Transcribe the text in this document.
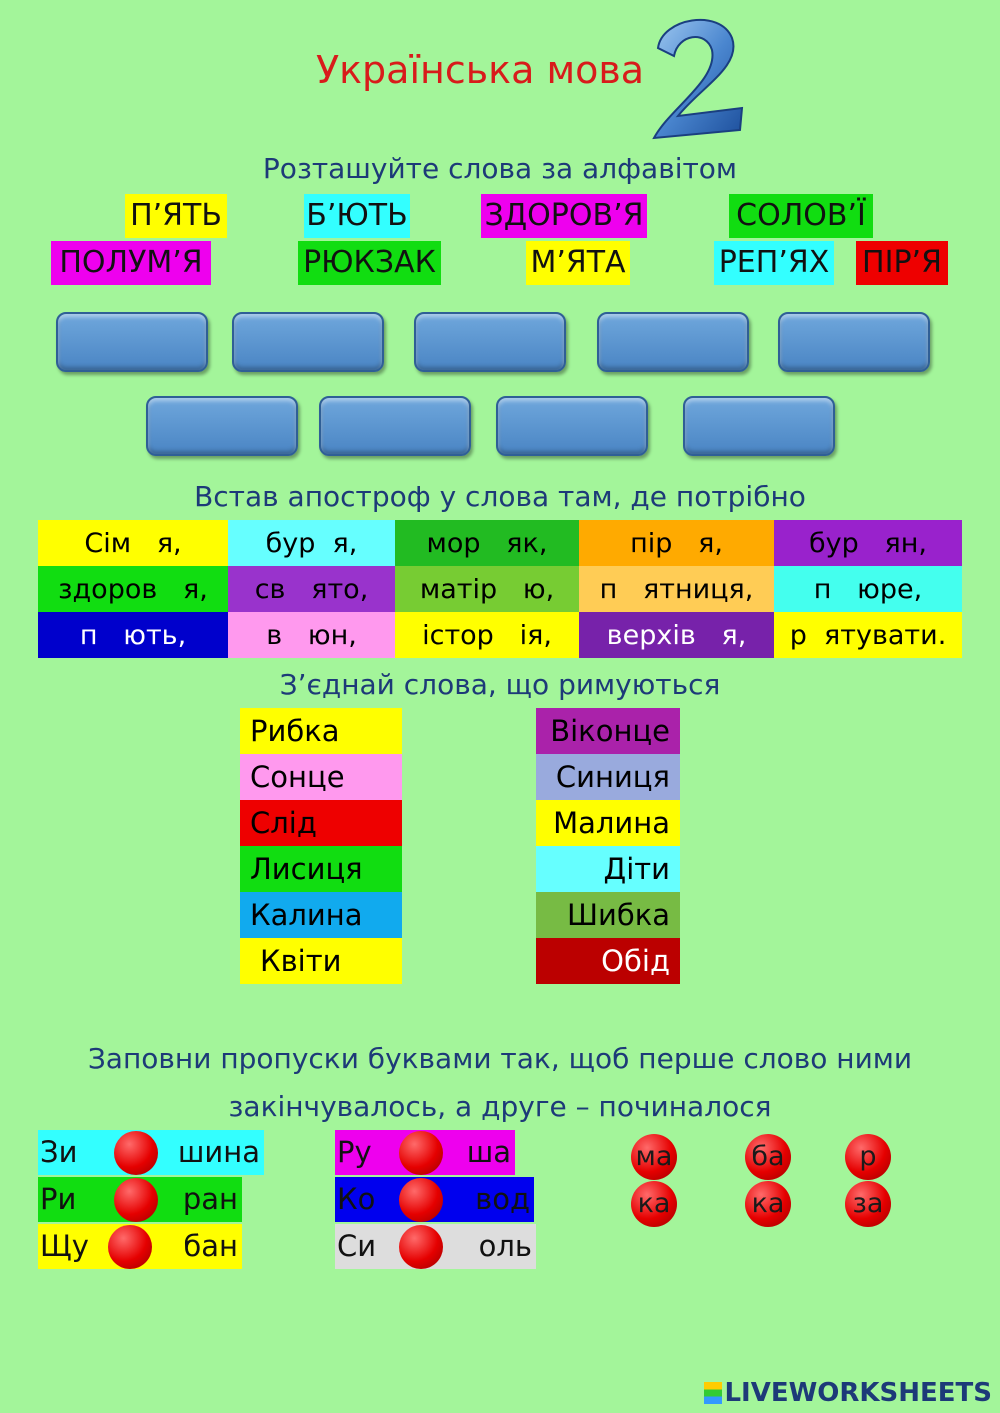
Українська мова
Розташуйте слова за алфавітом
П’ЯТЬ	Б’ЮТЬ	ЗДОРОВ’Я	СОЛОВ’Ї
ПОЛУМ’Я	РЮКЗАК	М’ЯТА	РЕП’ЯХ ПІР’Я
Встав апостроф у слова там, де потрібно
Сім   я,	бур  я,	мор   як,	пір   я,	бур   ян,
здоров   я,	св   ято,	матір   ю,	п   ятниця,	п   юре,
п   ють,	в   юн,	істор   ія,	верхів   я,	р  ятувати.
З’єднай слова, що римуються
Рибка
Сонце
Слід
Лисиця
Калина
Квіти
Віконце
Синиця
Малина
Діти
Шибка
Обід
Заповни пропуски буквами так, щоб перше слово ними
закінчувалось, а друге – починалося
Зи	шина
Ри	ран
Щу	бан
Ру	ша
Ко	вод
Си	оль
ма	ба	р
ка	ка	за
LIVEWORKSHEETS
